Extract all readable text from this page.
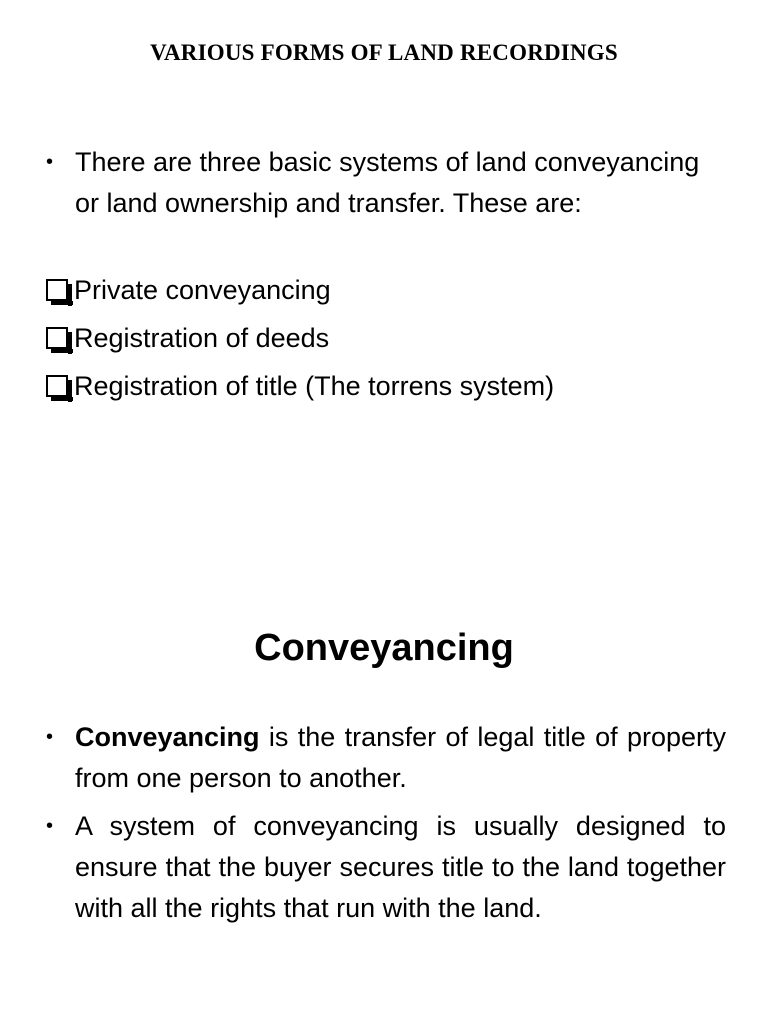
VARIOUS FORMS OF LAND RECORDINGS
• There are three basic systems of land conveyancing or land ownership and transfer. These are:
Private conveyancing
Registration of deeds
Registration of title (The torrens system)
Conveyancing
• Conveyancing is the transfer of legal title of property from one person to another.
• A system of conveyancing is usually designed to ensure that the buyer secures title to the land together with all the rights that run with the land.
